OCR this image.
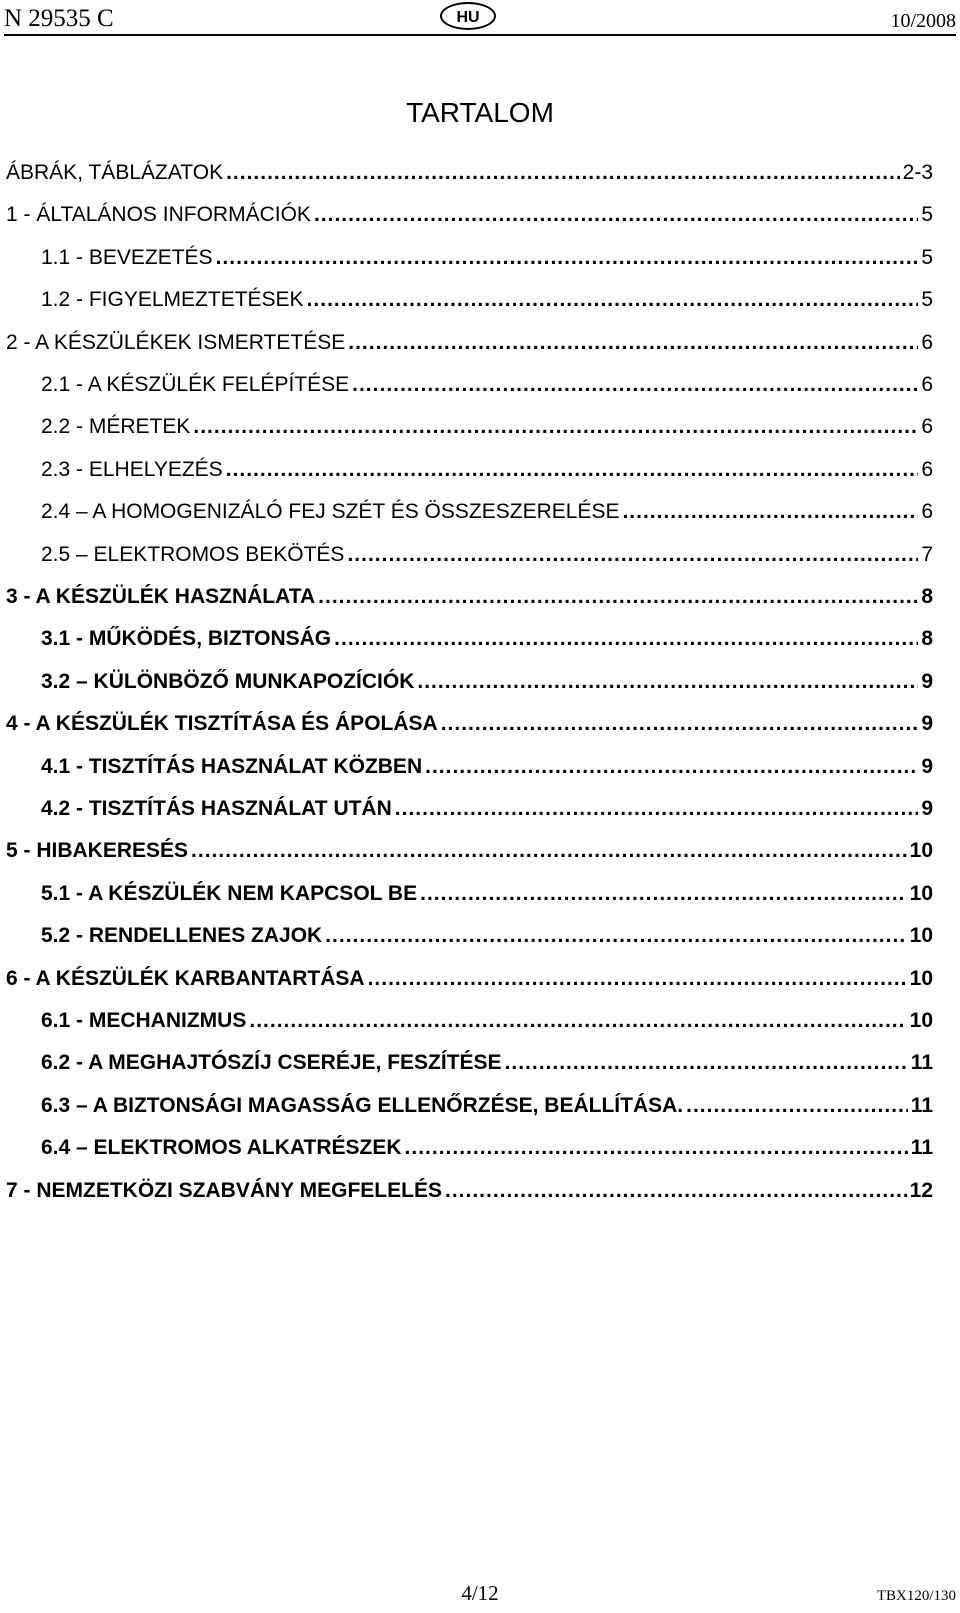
N 29535 C	HU	10/2008
TARTALOM
ÁBRÁK, TÁBLÁZATOK .....	2-3
1 - ÁLTALÁNOS INFORMÁCIÓK .....	5
1.1 - BEVEZETÉS .....	5
1.2 - FIGYELMEZTETÉSEK .....	5
2 - A KÉSZÜLÉKEK ISMERTETÉSE .....	6
2.1 - A KÉSZÜLÉK FELÉPÍTÉSE .....	6
2.2 - MÉRETEK .....	6
2.3 - ELHELYEZÉS .....	6
2.4 – A HOMOGENIZÁLÓ FEJ SZÉT ÉS ÖSSZESZERELÉSE .....	6
2.5 – ELEKTROMOS BEKÖTÉS .....	7
3 - A KÉSZÜLÉK HASZNÁLATA .....	8
3.1 - MŰKÖDÉS, BIZTONSÁG .....	8
3.2 – KÜLÖNBÖZŐ MUNKAPOZÍCIÓK .....	9
4 - A KÉSZÜLÉK TISZTÍTÁSA ÉS ÁPOLÁSA .....	9
4.1 - TISZTÍTÁS HASZNÁLAT KÖZBEN .....	9
4.2 - TISZTÍTÁS HASZNÁLAT UTÁN .....	9
5 - HIBAKERESÉS .....	10
5.1 - A KÉSZÜLÉK NEM KAPCSOL BE .....	10
5.2 - RENDELLENES ZAJOK .....	10
6 - A KÉSZÜLÉK KARBANTARTÁSA .....	10
6.1 - MECHANIZMUS .....	10
6.2 - A MEGHAJTÓSZÍJ CSERÉJE, FESZÍTÉSE .....	11
6.3 – A BIZTONSÁGI MAGASSÁG ELLENŐRZÉSE, BEÁLLÍTÁSA. .....	11
6.4 – ELEKTROMOS ALKATRÉSZEK .....	11
7 - NEMZETKÖZI SZABVÁNY MEGFELELÉS .....	12
4/12	TBX120/130
